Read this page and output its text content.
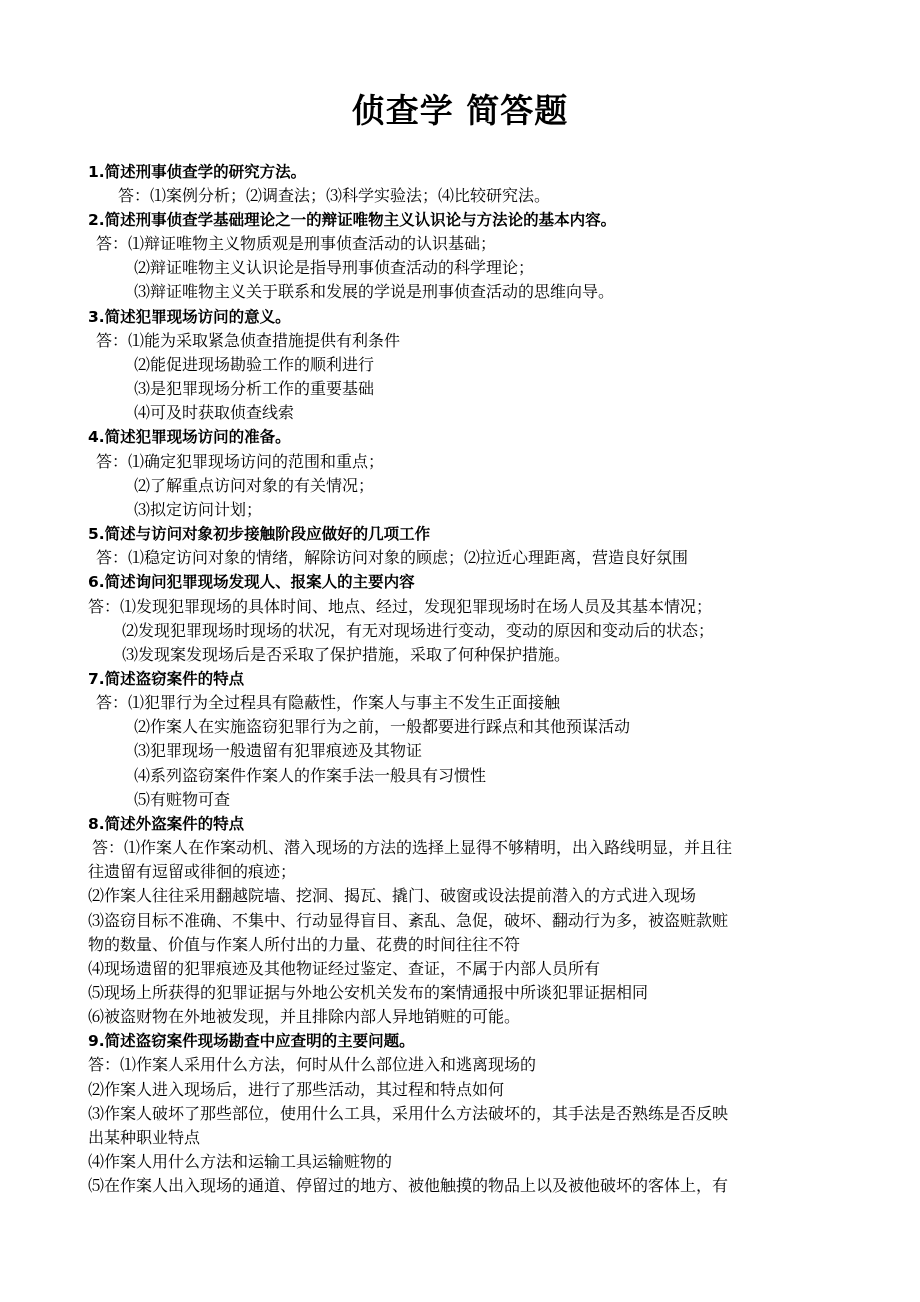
侦查学 简答题
1.简述刑事侦查学的研究方法。
答：⑴案例分析；⑵调查法；⑶科学实验法；⑷比较研究法。
2.简述刑事侦查学基础理论之一的辩证唯物主义认识论与方法论的基本内容。
答：⑴辩证唯物主义物质观是刑事侦查活动的认识基础；
⑵辩证唯物主义认识论是指导刑事侦查活动的科学理论；
⑶辩证唯物主义关于联系和发展的学说是刑事侦查活动的思维向导。
3.简述犯罪现场访问的意义。
答：⑴能为采取紧急侦查措施提供有利条件
⑵能促进现场勘验工作的顺利进行
⑶是犯罪现场分析工作的重要基础
⑷可及时获取侦查线索
4.简述犯罪现场访问的准备。
答：⑴确定犯罪现场访问的范围和重点；
⑵了解重点访问对象的有关情况；
⑶拟定访问计划；
5.简述与访问对象初步接触阶段应做好的几项工作
答：⑴稳定访问对象的情绪，解除访问对象的顾虑；⑵拉近心理距离，营造良好氛围
6.简述询问犯罪现场发现人、报案人的主要内容
答：⑴发现犯罪现场的具体时间、地点、经过，发现犯罪现场时在场人员及其基本情况；
⑵发现犯罪现场时现场的状况，有无对现场进行变动，变动的原因和变动后的状态；
⑶发现案发现场后是否采取了保护措施，采取了何种保护措施。
7.简述盗窃案件的特点
答：⑴犯罪行为全过程具有隐蔽性，作案人与事主不发生正面接触
⑵作案人在实施盗窃犯罪行为之前，一般都要进行踩点和其他预谋活动
⑶犯罪现场一般遗留有犯罪痕迹及其物证
⑷系列盗窃案件作案人的作案手法一般具有习惯性
⑸有赃物可查
8.简述外盗案件的特点
答：⑴作案人在作案动机、潜入现场的方法的选择上显得不够精明，出入路线明显，并且往
往遗留有逗留或徘徊的痕迹；
⑵作案人往往采用翻越院墙、挖洞、揭瓦、撬门、破窗或设法提前潜入的方式进入现场
⑶盗窃目标不准确、不集中、行动显得盲目、紊乱、急促，破坏、翻动行为多，被盗赃款赃
物的数量、价值与作案人所付出的力量、花费的时间往往不符
⑷现场遗留的犯罪痕迹及其他物证经过鉴定、查证，不属于内部人员所有
⑸现场上所获得的犯罪证据与外地公安机关发布的案情通报中所谈犯罪证据相同
⑹被盗财物在外地被发现，并且排除内部人异地销赃的可能。
9.简述盗窃案件现场勘查中应查明的主要问题。
答：⑴作案人采用什么方法，何时从什么部位进入和逃离现场的
⑵作案人进入现场后，进行了那些活动，其过程和特点如何
⑶作案人破坏了那些部位，使用什么工具，采用什么方法破坏的，其手法是否熟练是否反映
出某种职业特点
⑷作案人用什么方法和运输工具运输赃物的
⑸在作案人出入现场的通道、停留过的地方、被他触摸的物品上以及被他破坏的客体上，有
